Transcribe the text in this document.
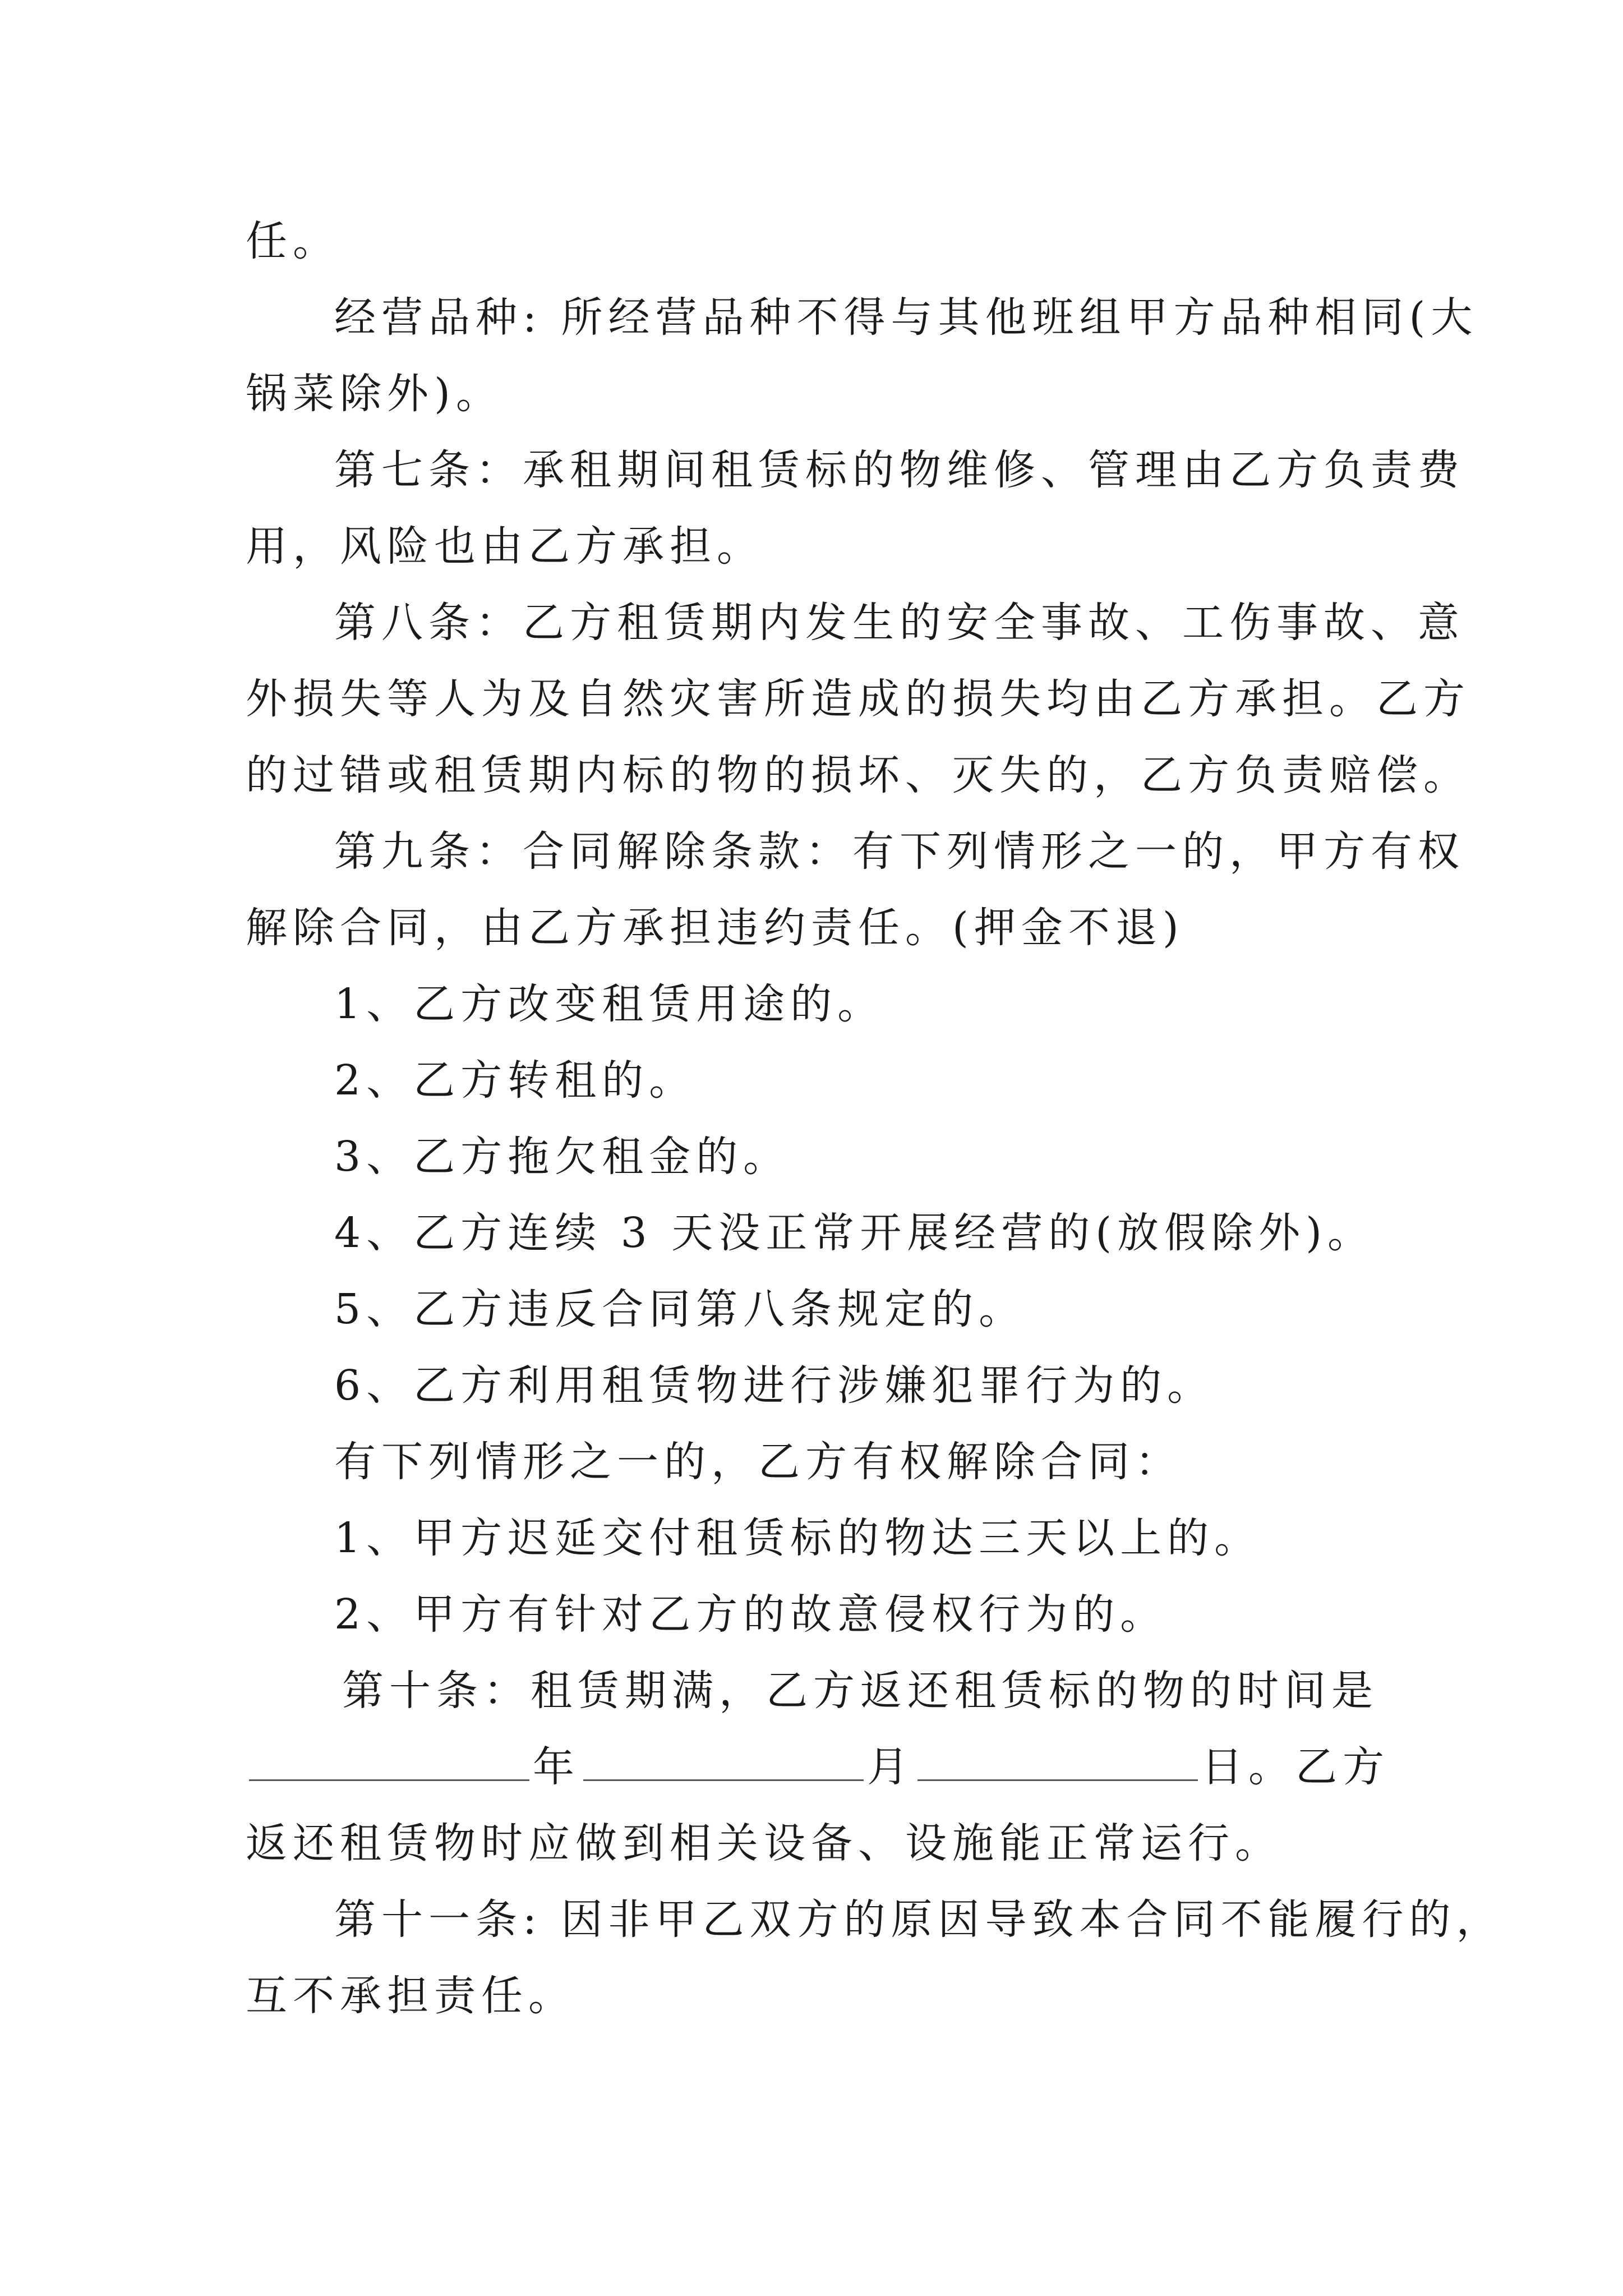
任。
经营品种: 所经营品种不得与其他班组甲方品种相同(大
锅菜除外)。
第七条：承租期间租赁标的物维修、管理由乙方负责费
用，风险也由乙方承担。
第八条：乙方租赁期内发生的安全事故、工伤事故、意
外损失等人为及自然灾害所造成的损失均由乙方承担。乙方
的过错或租赁期内标的物的损坏、灭失的，乙方负责赔偿。
第九条：合同解除条款：有下列情形之一的，甲方有权
解除合同，由乙方承担违约责任。(押金不退)
1、乙方改变租赁用途的。
2、乙方转租的。
3、乙方拖欠租金的。
4、乙方连续 3 天没正常开展经营的(放假除外)。
5、乙方违反合同第八条规定的。
6、乙方利用租赁物进行涉嫌犯罪行为的。
有下列情形之一的，乙方有权解除合同：
1、甲方迟延交付租赁标的物达三天以上的。
2、甲方有针对乙方的故意侵权行为的。
第十条：租赁期满，乙方返还租赁标的物的时间是
年	月	日。乙方
返还租赁物时应做到相关设备、设施能正常运行。
第十一条: 因非甲乙双方的原因导致本合同不能履行的，
互不承担责任。
